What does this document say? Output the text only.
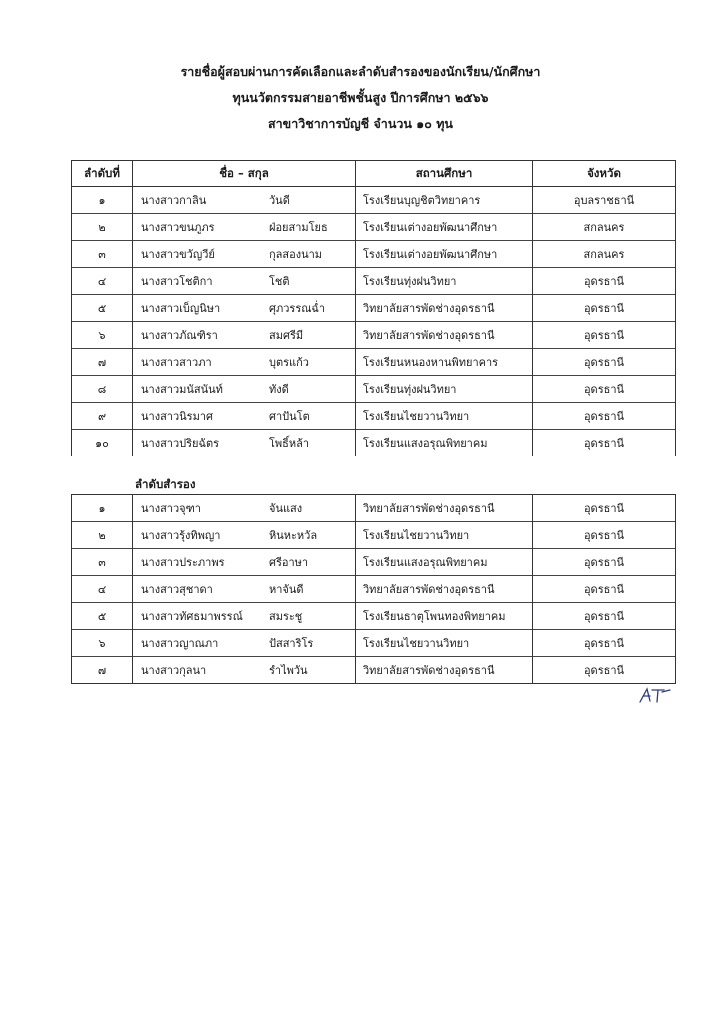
รายชื่อผู้สอบผ่านการคัดเลือกและลำดับสำรองของนักเรียน/นักศึกษา
ทุนนวัตกรรมสายอาชีพชั้นสูง ปีการศึกษา ๒๕๖๖
สาขาวิชาการบัญชี จำนวน ๑๐ ทุน
ลำดับที่	ชื่อ – สกุล	สถานศึกษา	จังหวัด
๑	นางสาวกาลิน วันดี	โรงเรียนบุญชิตวิทยาคาร	อุบลราชธานี
๒	นางสาวขนภูภร ฝ่อยสามโยธ	โรงเรียนเต่างอยพัฒนาศึกษา	สกลนคร
๓	นางสาวขวัญวีย์ กุลสองนาม	โรงเรียนเต่างอยพัฒนาศึกษา	สกลนคร
๔	นางสาวโชติกา โชติ	โรงเรียนทุ่งฝนวิทยา	อุดรธานี
๕	นางสาวเบ็ญนิษา ศุภวรรณฉ่ำ	วิทยาลัยสารพัดช่างอุดรธานี	อุดรธานี
๖	นางสาวภัณฑิรา สมศรีมี	วิทยาลัยสารพัดช่างอุดรธานี	อุดรธานี
๗	นางสาวสาวภา บุตรแก้ว	โรงเรียนหนองหานพิทยาคาร	อุดรธานี
๘	นางสาวมนัสนันท์ ทังดี	โรงเรียนทุ่งฝนวิทยา	อุดรธานี
๙	นางสาวนิรมาศ ศาปันโต	โรงเรียนไชยวานวิทยา	อุดรธานี
๑๐	นางสาวปริยฉัตร โพธิ์หล้า	โรงเรียนแสงอรุณพิทยาคม	อุดรธานี
ลำดับสำรอง
๑	นางสาวจุฑา จันแสง	วิทยาลัยสารพัดช่างอุดรธานี	อุดรธานี
๒	นางสาวรุ้งทิพญา หินหะหวัล	โรงเรียนไชยวานวิทยา	อุดรธานี
๓	นางสาวประภาพร ศรีอาษา	โรงเรียนแสงอรุณพิทยาคม	อุดรธานี
๔	นางสาวสุชาดา หาจันดี	วิทยาลัยสารพัดช่างอุดรธานี	อุดรธานี
๕	นางสาวทัศธมาพรรณ์ สมระชู	โรงเรียนธาตุโพนทองพิทยาคม	อุดรธานี
๖	นางสาวญาณภา ปัสสาริโร	โรงเรียนไชยวานวิทยา	อุดรธานี
๗	นางสาวกุลนา รำไพวัน	วิทยาลัยสารพัดช่างอุดรธานี	อุดรธานี
